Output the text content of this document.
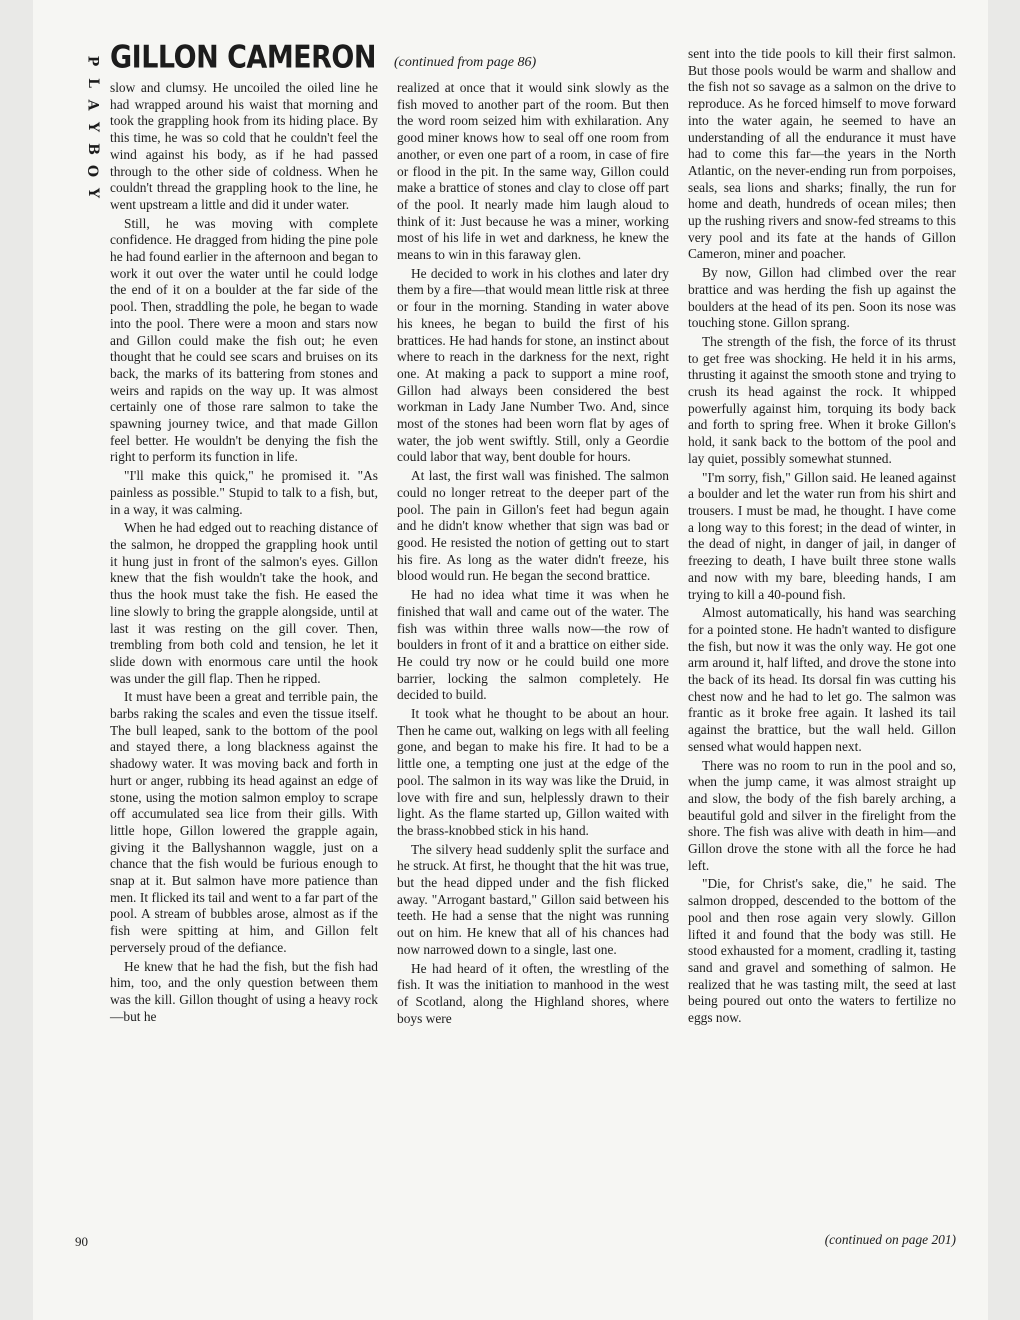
P
L
A
Y
B
O
Y
GILLON CAMERON (continued from page 86)

slow and clumsy. He uncoiled the oiled line he had wrapped around his waist that morning and took the grappling hook from its hiding place. By this time, he was so cold that he couldn't feel the wind against his body, as if he had passed through to the other side of coldness. When he couldn't thread the grappling hook to the line, he went upstream a little and did it under water.

Still, he was moving with complete confidence. He dragged from hiding the pine pole he had found earlier in the afternoon and began to work it out over the water until he could lodge the end of it on a boulder at the far side of the pool. Then, straddling the pole, he began to wade into the pool. There were a moon and stars now and Gillon could make the fish out; he even thought that he could see scars and bruises on its back, the marks of its battering from stones and weirs and rapids on the way up. It was almost certainly one of those rare salmon to take the spawning journey twice, and that made Gillon feel better. He wouldn't be denying the fish the right to perform its function in life.

"I'll make this quick," he promised it. "As painless as possible." Stupid to talk to a fish, but, in a way, it was calming.

When he had edged out to reaching distance of the salmon, he dropped the grappling hook until it hung just in front of the salmon's eyes. Gillon knew that the fish wouldn't take the hook, and thus the hook must take the fish. He eased the line slowly to bring the grapple alongside, until at last it was resting on the gill cover. Then, trembling from both cold and tension, he let it slide down with enormous care until the hook was under the gill flap. Then he ripped.

It must have been a great and terrible pain, the barbs raking the scales and even the tissue itself. The bull leaped, sank to the bottom of the pool and stayed there, a long blackness against the shadowy water. It was moving back and forth in hurt or anger, rubbing its head against an edge of stone, using the motion salmon employ to scrape off accumulated sea lice from their gills. With little hope, Gillon lowered the grapple again, giving it the Ballyshannon waggle, just on a chance that the fish would be furious enough to snap at it. But salmon have more patience than men. It flicked its tail and went to a far part of the pool. A stream of bubbles arose, almost as if the fish were spitting at him, and Gillon felt perversely proud of the defiance.

He knew that he had the fish, but the fish had him, too, and the only question between them was the kill. Gillon thought of using a heavy rock—but he

realized at once that it would sink slowly as the fish moved to another part of the room. But then the word room seized him with exhilaration. Any good miner knows how to seal off one room from another, or even one part of a room, in case of fire or flood in the pit. In the same way, Gillon could make a brattice of stones and clay to close off part of the pool. It nearly made him laugh aloud to think of it: Just because he was a miner, working most of his life in wet and darkness, he knew the means to win in this faraway glen.

He decided to work in his clothes and later dry them by a fire—that would mean little risk at three or four in the morning. Standing in water above his knees, he began to build the first of his brattices. He had hands for stone, an instinct about where to reach in the darkness for the next, right one. At making a pack to support a mine roof, Gillon had always been considered the best workman in Lady Jane Number Two. And, since most of the stones had been worn flat by ages of water, the job went swiftly. Still, only a Geordie could labor that way, bent double for hours.

At last, the first wall was finished. The salmon could no longer retreat to the deeper part of the pool. The pain in Gillon's feet had begun again and he didn't know whether that sign was bad or good. He resisted the notion of getting out to start his fire. As long as the water didn't freeze, his blood would run. He began the second brattice.

He had no idea what time it was when he finished that wall and came out of the water. The fish was within three walls now—the row of boulders in front of it and a brattice on either side. He could try now or he could build one more barrier, locking the salmon completely. He decided to build.

It took what he thought to be about an hour. Then he came out, walking on legs with all feeling gone, and began to make his fire. It had to be a little one, a tempting one just at the edge of the pool. The salmon in its way was like the Druid, in love with fire and sun, helplessly drawn to their light. As the flame started up, Gillon waited with the brass-knobbed stick in his hand.

The silvery head suddenly split the surface and he struck. At first, he thought that the hit was true, but the head dipped under and the fish flicked away. "Arrogant bastard," Gillon said between his teeth. He had a sense that the night was running out on him. He knew that all of his chances had now narrowed down to a single, last one.

He had heard of it often, the wrestling of the fish. It was the initiation to manhood in the west of Scotland, along the Highland shores, where boys were

sent into the tide pools to kill their first salmon. But those pools would be warm and shallow and the fish not so savage as a salmon on the drive to reproduce. As he forced himself to move forward into the water again, he seemed to have an understanding of all the endurance it must have had to come this far—the years in the North Atlantic, on the never-ending run from porpoises, seals, sea lions and sharks; finally, the run for home and death, hundreds of ocean miles; then up the rushing rivers and snow-fed streams to this very pool and its fate at the hands of Gillon Cameron, miner and poacher.

By now, Gillon had climbed over the rear brattice and was herding the fish up against the boulders at the head of its pen. Soon its nose was touching stone. Gillon sprang.

The strength of the fish, the force of its thrust to get free was shocking. He held it in his arms, thrusting it against the smooth stone and trying to crush its head against the rock. It whipped powerfully against him, torquing its body back and forth to spring free. When it broke Gillon's hold, it sank back to the bottom of the pool and lay quiet, possibly somewhat stunned.

"I'm sorry, fish," Gillon said. He leaned against a boulder and let the water run from his shirt and trousers. I must be mad, he thought. I have come a long way to this forest; in the dead of winter, in the dead of night, in danger of jail, in danger of freezing to death, I have built three stone walls and now with my bare, bleeding hands, I am trying to kill a 40-pound fish.

Almost automatically, his hand was searching for a pointed stone. He hadn't wanted to disfigure the fish, but now it was the only way. He got one arm around it, half lifted, and drove the stone into the back of its head. Its dorsal fin was cutting his chest now and he had to let go. The salmon was frantic as it broke free again. It lashed its tail against the brattice, but the wall held. Gillon sensed what would happen next.

There was no room to run in the pool and so, when the jump came, it was almost straight up and slow, the body of the fish barely arching, a beautiful gold and silver in the firelight from the shore. The fish was alive with death in him—and Gillon drove the stone with all the force he had left.

"Die, for Christ's sake, die," he said. The salmon dropped, descended to the bottom of the pool and then rose again very slowly. Gillon lifted it and found that the body was still. He stood exhausted for a moment, cradling it, tasting sand and gravel and something of salmon. He realized that he was tasting milt, the seed at last being poured out onto the waters to fertilize no eggs now.

90	(continued on page 201)
